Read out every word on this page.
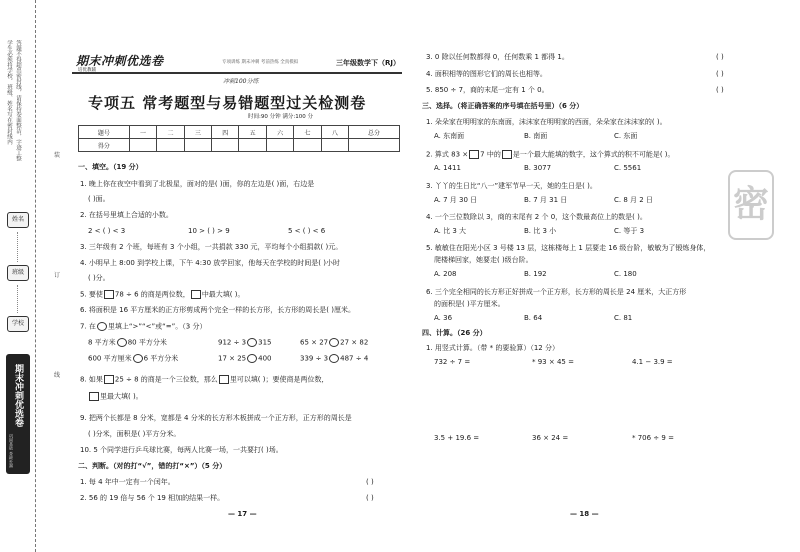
学生必须将学校、班级、姓名写在密封线内 答题不得超出密封线，请保持卷面整洁，字迹工整
姓名
班级
学校
期末冲刺优选卷
巩固基础 查缺补漏
装
订
线
期末冲刺优选卷
培优教辅
专项训练 期末冲刺 考前热练 全真模拟	三年级数学下（RJ）
冲刺100分练
专项五 常考题型与易错题型过关检测卷
时间:90 分钟 满分:100 分
题号	一	二	三	四	五	六	七	八	总分
得分									
一、填空。（19 分）
1. 晚上你在夜空中看到了北极星，面对的是( )面，你的左边是( )面，右边是
( )面。
2. 在括号里填上合适的小数。
2 < ( ) < 3	10 > ( ) > 9	5 < ( ) < 6
3. 三年级有 2 个班，每班有 3 个小组，一共捐款 330 元，平均每个小组捐款( )元。
4. 小明早上 8:00 到学校上课，下午 4:30 放学回家，他每天在学校的时间是( )小时
( )分。
5. 要使 78 ÷ 6 的商是两位数， 中最大填( )。
6. 将面积是 16 平方厘米的正方形剪成两个完全一样的长方形，长方形的周长是( )厘米。
7. 在 里填上“>”“<”或“=”。（3 分）
8 平方米 80 平方分米	912 ÷ 3 315	65 × 27 27 × 82
600 平方厘米 6 平方分米	17 × 25 400	339 ÷ 3 487 ÷ 4
8. 如果 25 ÷ 8 的商是一个三位数，那么 里可以填( )；要使商是两位数，
里最大填( )。
9. 把两个长都是 8 分米，宽都是 4 分米的长方形木板拼成一个正方形，正方形的周长是
( )分米，面积是( )平方分米。
10. 5 个同学进行乒乓球比赛，每两人比赛一场，一共要打( )场。
二、判断。（对的打“√”，错的打“×”）（5 分）
1. 每 4 年中一定有一个闰年。	( )
2. 56 的 19 倍与 56 个 19 相加的结果一样。	( )
— 17 —
3. 0 除以任何数都得 0，任何数乘 1 都得 1。	( )
4. 面积相等的图形它们的周长也相等。	( )
5. 850 ÷ 7，商的末尾一定有 1 个 0。	( )
三、选择。（将正确答案的序号填在括号里）（6 分）
1. 朵朵家在明明家的东南面，沫沫家在明明家的西面，朵朵家在沫沫家的( )。
A. 东南面	B. 南面	C. 东面
2. 算式 83 × 7 中的 是一个最大能填的数字，这个算式的积不可能是( )。
A. 1411	B. 3077	C. 5561
3. 丫丫的生日比“八一”建军节早一天，她的生日是( )。
A. 7 月 30 日	B. 7 月 31 日	C. 8 月 2 日
4. 一个三位数除以 3，商的末尾有 2 个 0，这个数最高位上的数是( )。
A. 比 3 大	B. 比 3 小	C. 等于 3
5. 敏敏住在阳光小区 3 号楼 13 层，这栋楼每上 1 层要走 16 级台阶，敏敏为了锻炼身体，
爬楼梯回家，她要走( )级台阶。
A. 208	B. 192	C. 180
6. 三个完全相同的长方形正好拼成一个正方形，长方形的周长是 24 厘米，大正方形
的面积是( )平方厘米。
A. 36	B. 64	C. 81
四、计算。（26 分）
1. 用竖式计算。（带 * 的要验算）（12 分）
732 ÷ 7 =	* 93 × 45 =	4.1 − 3.9 =
3.5 + 19.6 =	36 × 24 =	* 706 ÷ 9 =
密
— 18 —
